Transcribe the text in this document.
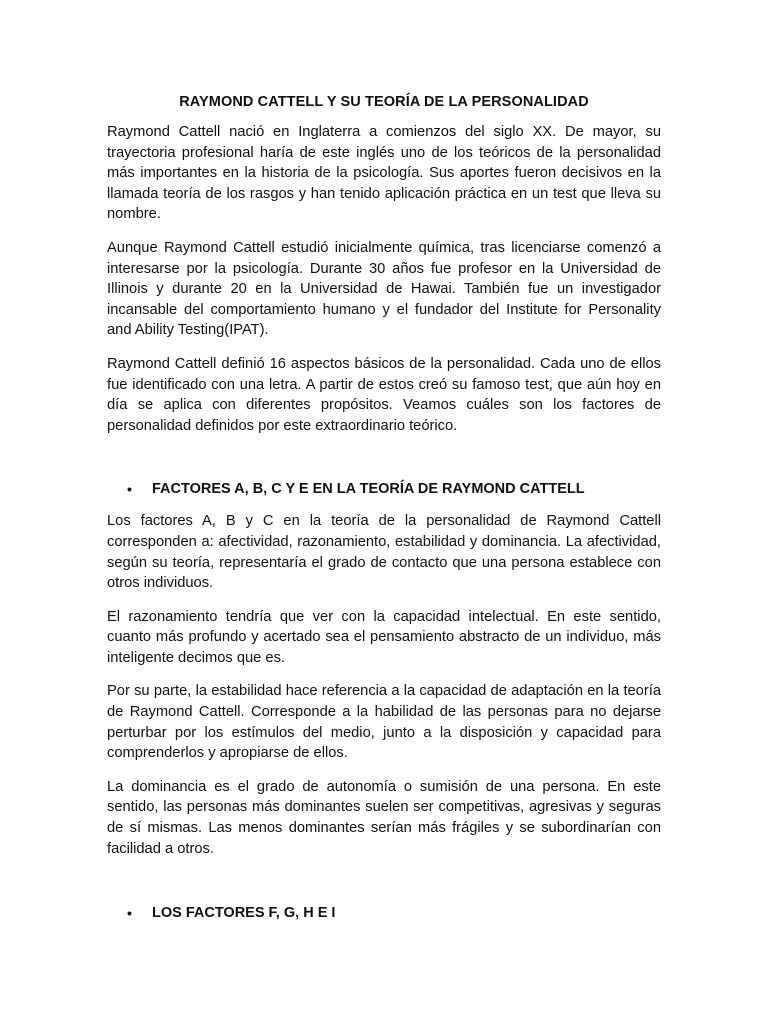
RAYMOND CATTELL Y SU TEORÍA DE LA PERSONALIDAD

Raymond Cattell nació en Inglaterra a comienzos del siglo XX. De mayor, su trayectoria profesional haría de este inglés uno de los teóricos de la personalidad más importantes en la historia de la psicología. Sus aportes fueron decisivos en la llamada teoría de los rasgos y han tenido aplicación práctica en un test que lleva su nombre.

Aunque Raymond Cattell estudió inicialmente química, tras licenciarse comenzó a interesarse por la psicología. Durante 30 años fue profesor en la Universidad de Illinois y durante 20 en la Universidad de Hawai. También fue un investigador incansable del comportamiento humano y el fundador del Institute for Personality and Ability Testing(IPAT).

Raymond Cattell definió 16 aspectos básicos de la personalidad. Cada uno de ellos fue identificado con una letra. A partir de estos creó su famoso test, que aún hoy en día se aplica con diferentes propósitos. Veamos cuáles son los factores de personalidad definidos por este extraordinario teórico.

• FACTORES A, B, C Y E EN LA TEORÍA DE RAYMOND CATTELL

Los factores A, B y C en la teoría de la personalidad de Raymond Cattell corresponden a: afectividad, razonamiento, estabilidad y dominancia. La afectividad, según su teoría, representaría el grado de contacto que una persona establece con otros individuos.

El razonamiento tendría que ver con la capacidad intelectual. En este sentido, cuanto más profundo y acertado sea el pensamiento abstracto de un individuo, más inteligente decimos que es.

Por su parte, la estabilidad hace referencia a la capacidad de adaptación en la teoría de Raymond Cattell. Corresponde a la habilidad de las personas para no dejarse perturbar por los estímulos del medio, junto a la disposición y capacidad para comprenderlos y apropiarse de ellos.

La dominancia es el grado de autonomía o sumisión de una persona. En este sentido, las personas más dominantes suelen ser competitivas, agresivas y seguras de sí mismas. Las menos dominantes serían más frágiles y se subordinarían con facilidad a otros.

• LOS FACTORES F, G, H E I
